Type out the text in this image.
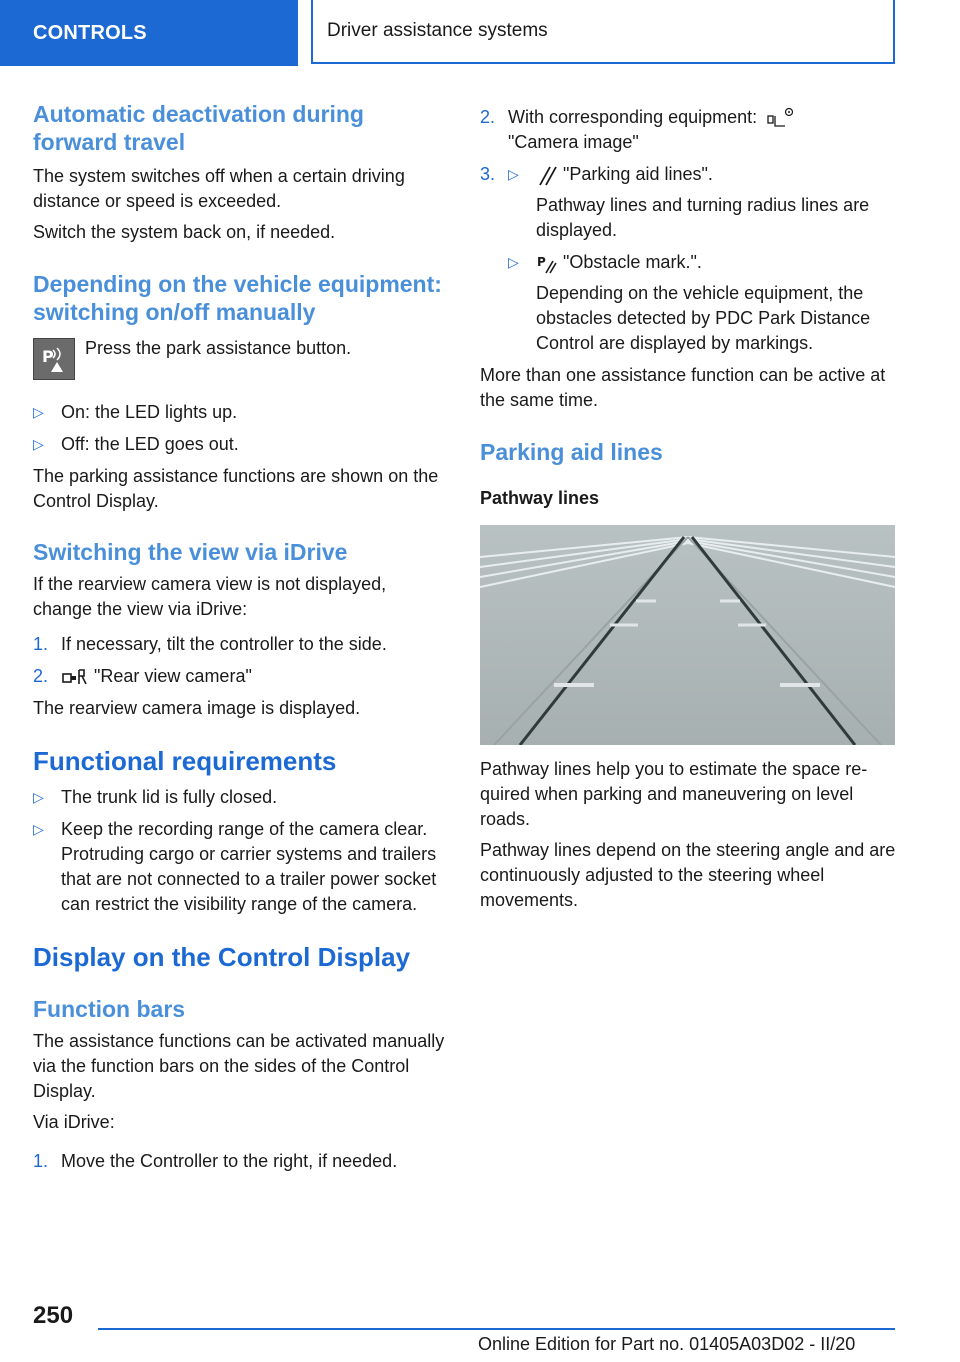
CONTROLS	Driver assistance systems
Automatic deactivation during forward travel

The system switches off when a certain driving distance or speed is exceeded.

Switch the system back on, if needed.

Depending on the vehicle equipment: switching on/off manually
P Press the park assistance button.

▷ On: the LED lights up.
▷ Off: the LED goes out.

The parking assistance functions are shown on the Control Display.

Switching the view via iDrive

If the rearview camera view is not displayed, change the view via iDrive:

1. If necessary, tilt the controller to the side.
2.	"Rear view camera"

The rearview camera image is displayed.

Functional requirements
▷ The trunk lid is fully closed.
▷ Keep the recording range of the camera clear. Protruding cargo or carrier systems and trailers that are not connected to a trailer power socket can restrict the visibility range of the camera.
Display on the Control Display
Function bars

The assistance functions can be activated manually via the function bars on the sides of the Control Display.

Via iDrive:

1. Move the Controller to the right, if needed.
2. With corresponding equipment:
"Camera image"
3. ▷	"Parking aid lines".

Pathway lines and turning radius lines are displayed.

▷	P "Obstacle mark.".

Depending on the vehicle equipment, the obstacles detected by PDC Park Distance Control are displayed by markings.

More than one assistance function can be active at the same time.

Parking aid lines
Pathway lines

Pathway lines help you to estimate the space required when parking and maneuvering on level roads.

Pathway lines depend on the steering angle and are continuously adjusted to the steering wheel movements.

250
Online Edition for Part no. 01405A03D02 - II/20
